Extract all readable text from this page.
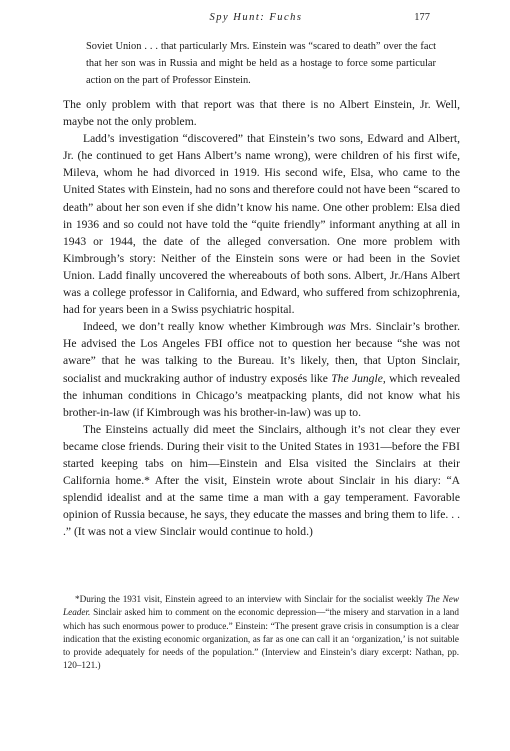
Spy Hunt: Fuchs	177
Soviet Union . . . that particularly Mrs. Einstein was “scared to death” over the fact that her son was in Russia and might be held as a hostage to force some particular action on the part of Professor Einstein.

The only problem with that report was that there is no Albert Einstein, Jr. Well, maybe not the only problem.

Ladd’s investigation “discovered” that Einstein’s two sons, Edward and Albert, Jr. (he continued to get Hans Albert’s name wrong), were children of his first wife, Mileva, whom he had divorced in 1919. His second wife, Elsa, who came to the United States with Einstein, had no sons and therefore could not have been “scared to death” about her son even if she didn’t know his name. One other problem: Elsa died in 1936 and so could not have told the “quite friendly” informant anything at all in 1943 or 1944, the date of the alleged conversation. One more problem with Kimbrough’s story: Neither of the Einstein sons were or had been in the Soviet Union. Ladd finally uncovered the whereabouts of both sons. Albert, Jr./Hans Albert was a college professor in California, and Edward, who suffered from schizophrenia, had for years been in a Swiss psychiatric hospital.

Indeed, we don’t really know whether Kimbrough was Mrs. Sinclair’s brother. He advised the Los Angeles FBI office not to question her because “she was not aware” that he was talking to the Bureau. It’s likely, then, that Upton Sinclair, socialist and muckraking author of industry exposés like The Jungle, which revealed the inhuman conditions in Chicago’s meatpacking plants, did not know what his brother-in-law (if Kimbrough was his brother-in-law) was up to.

The Einsteins actually did meet the Sinclairs, although it’s not clear they ever became close friends. During their visit to the United States in 1931—before the FBI started keeping tabs on him—Einstein and Elsa visited the Sinclairs at their California home.* After the visit, Einstein wrote about Sinclair in his diary: “A splendid idealist and at the same time a man with a gay temperament. Favorable opinion of Russia because, he says, they educate the masses and bring them to life. . . .” (It was not a view Sinclair would continue to hold.)

*During the 1931 visit, Einstein agreed to an interview with Sinclair for the socialist weekly The New Leader. Sinclair asked him to comment on the economic depression—“the misery and starvation in a land which has such enormous power to produce.” Einstein: “The present grave crisis in consumption is a clear indication that the existing economic organization, as far as one can call it an ‘organization,’ is not suitable to provide adequately for needs of the population.” (Interview and Einstein’s diary excerpt: Nathan, pp. 120–121.)
